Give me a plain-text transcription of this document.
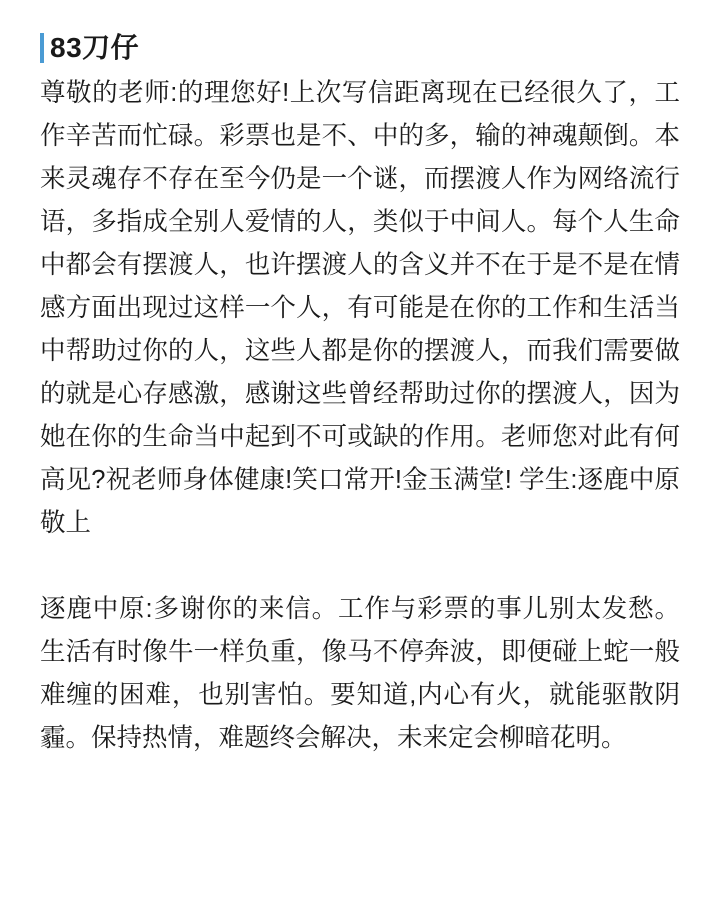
83刀仔
尊敬的老师:的理您好!上次写信距离现在已经很久了，工作辛苦而忙碌。彩票也是不、中的多，输的神魂颠倒。本来灵魂存不存在至今仍是一个谜，而摆渡人作为网络流行语，多指成全别人爱情的人，类似于中间人。每个人生命中都会有摆渡人，也许摆渡人的含义并不在于是不是在情感方面出现过这样一个人，有可能是在你的工作和生活当中帮助过你的人，这些人都是你的摆渡人，而我们需要做的就是心存感激，感谢这些曾经帮助过你的摆渡人，因为她在你的生命当中起到不可或缺的作用。老师您对此有何高见?祝老师身体健康!笑口常开!金玉满堂! 学生:逐鹿中原敬上
逐鹿中原:多谢你的来信。工作与彩票的事儿别太发愁。生活有时像牛一样负重，像马不停奔波，即便碰上蛇一般难缠的困难，也别害怕。要知道,内心有火，就能驱散阴霾。保持热情，难题终会解决，未来定会柳暗花明。
